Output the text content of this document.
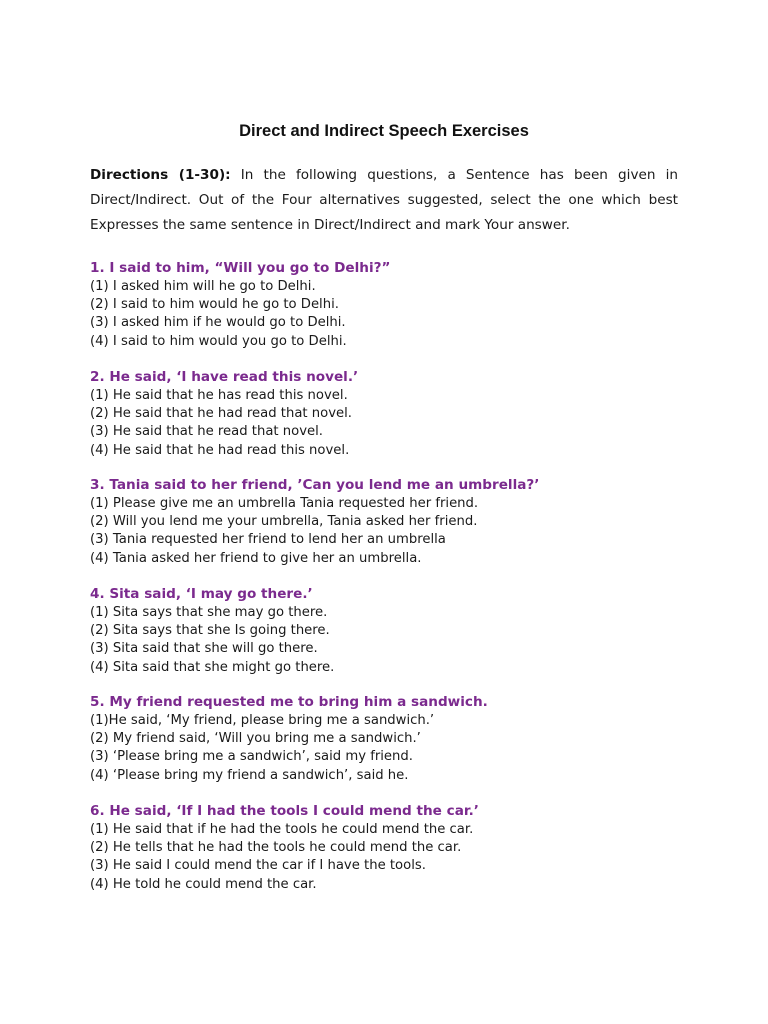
Direct and Indirect Speech Exercises
Directions (1-30): In the following questions, a Sentence has been given in Direct/Indirect. Out of the Four alternatives suggested, select the one which best Expresses the same sentence in Direct/Indirect and mark Your answer.
1. I said to him, “Will you go to Delhi?”
(1) I asked him will he go to Delhi.
(2) I said to him would he go to Delhi.
(3) I asked him if he would go to Delhi.
(4) I said to him would you go to Delhi.
2. He said, ‘I have read this novel.’
(1) He said that he has read this novel.
(2) He said that he had read that novel.
(3) He said that he read that novel.
(4) He said that he had read this novel.
3. Tania said to her friend, ’Can you lend me an umbrella?’
(1) Please give me an umbrella Tania requested her friend.
(2) Will you lend me your umbrella, Tania asked her friend.
(3) Tania requested her friend to lend her an umbrella
(4) Tania asked her friend to give her an umbrella.
4. Sita said, ‘I may go there.’
(1) Sita says that she may go there.
(2) Sita says that she Is going there.
(3) Sita said that she will go there.
(4) Sita said that she might go there.
5. My friend requested me to bring him a sandwich.
(1)He said, ‘My friend, please bring me a sandwich.’
(2) My friend said, ‘Will you bring me a sandwich.’
(3) ‘Please bring me a sandwich’, said my friend.
(4) ‘Please bring my friend a sandwich’, said he.
6. He said, ‘If I had the tools I could mend the car.’
(1) He said that if he had the tools he could mend the car.
(2) He tells that he had the tools he could mend the car.
(3) He said I could mend the car if I have the tools.
(4) He told he could mend the car.
